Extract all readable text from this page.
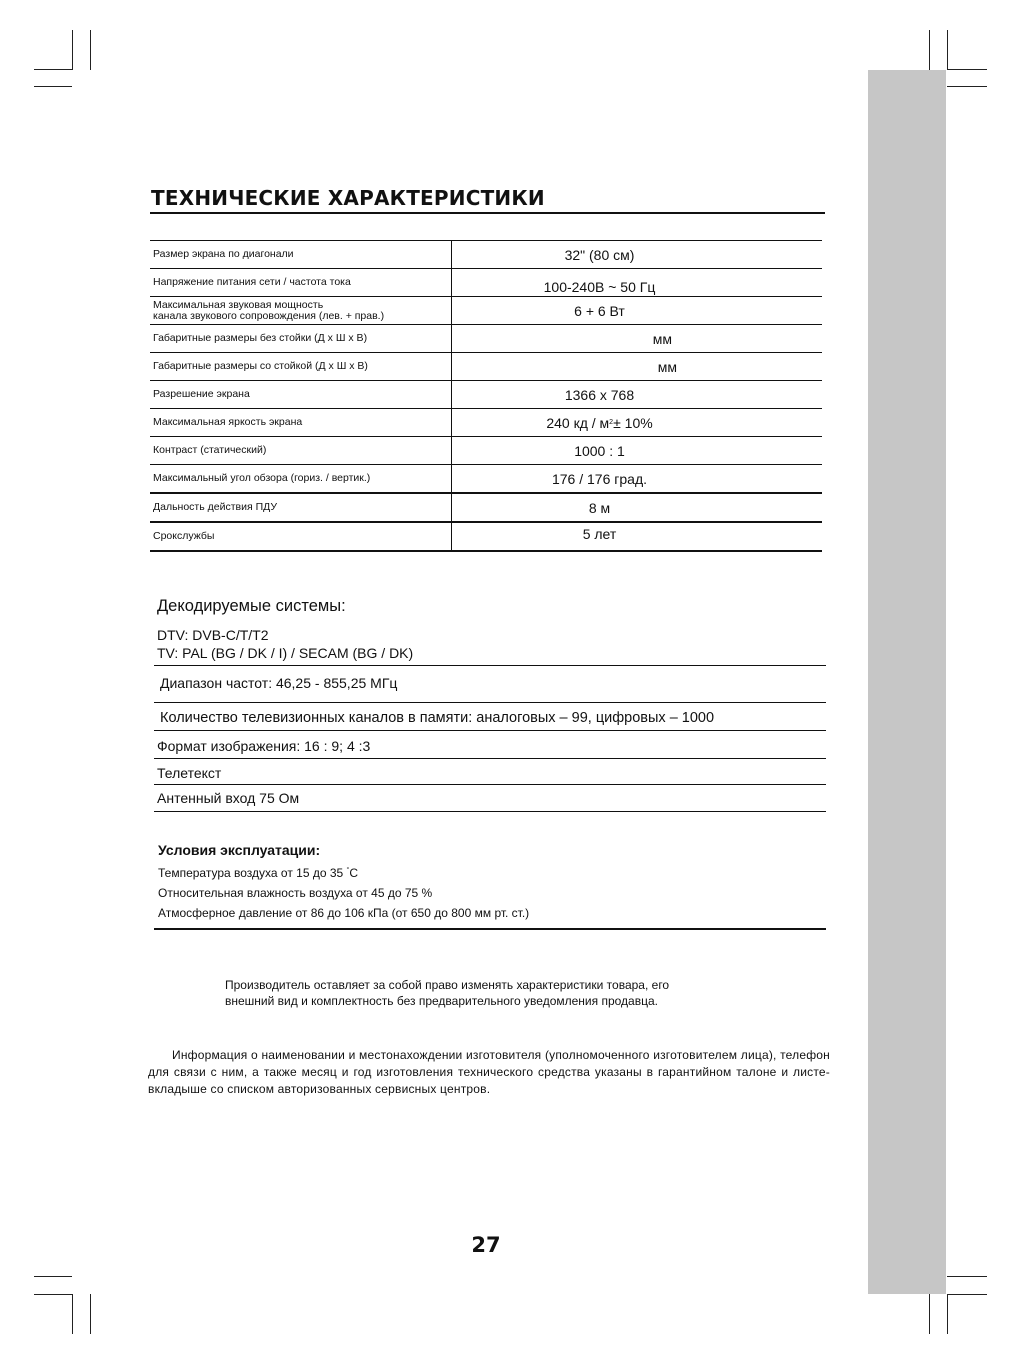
ТЕХНИЧЕСКИЕ ХАРАКТЕРИСТИКИ
Размер экрана по диагонали	32" (80 см)
Напряжение питания сети / частота тока	100-240В ~ 50 Гц
Максимальная звуковая мощность
канала звукового сопровождения (лев. + прав.)	6 + 6 Вт
Габаритные размеры без стойки (Д х Ш х В)	мм
Габаритные размеры со стойкой (Д х Ш х В)	мм
Разрешение экрана	1366 x 768
Максимальная яркость экрана	240 кд / м 2 ± 10%
Контраст (статический)	1000 : 1
Максимальный угол обзора (гориз. / вертик.)	176 / 176 град.
Дальность действия ПДУ	8 м
Срокслужбы	5 лет
Декодируемые системы:
DTV: DVB-C/T/T2
TV: PAL (BG / DK / I) / SECAM (BG / DK)
Диапазон частот: 46,25 - 855,25 МГц
Количество телевизионных каналов в памяти: аналоговых – 99, цифровых – 1000
Формат изображения: 16 : 9; 4 :3
Телетекст
Антенный вход 75 Ом
Условия эксплуатации:
Температура воздуха от 15 до 35 °С
Относительная влажность воздуха от 45 до 75 %
Атмосферное давление от 86 до 106 кПа (от 650 до 800 мм рт. ст.)
Производитель оставляет за собой право изменять характеристики товара, его
внешний вид и комплектность без предварительного уведомления продавца.
Информация о наименовании и местонахождении изготовителя (уполномоченного изготовителем лица), телефон для связи с ним, а также месяц и год изготовления технического средства указаны в гарантийном талоне и листе-вкладыше со списком авторизованных сервисных центров.
27
